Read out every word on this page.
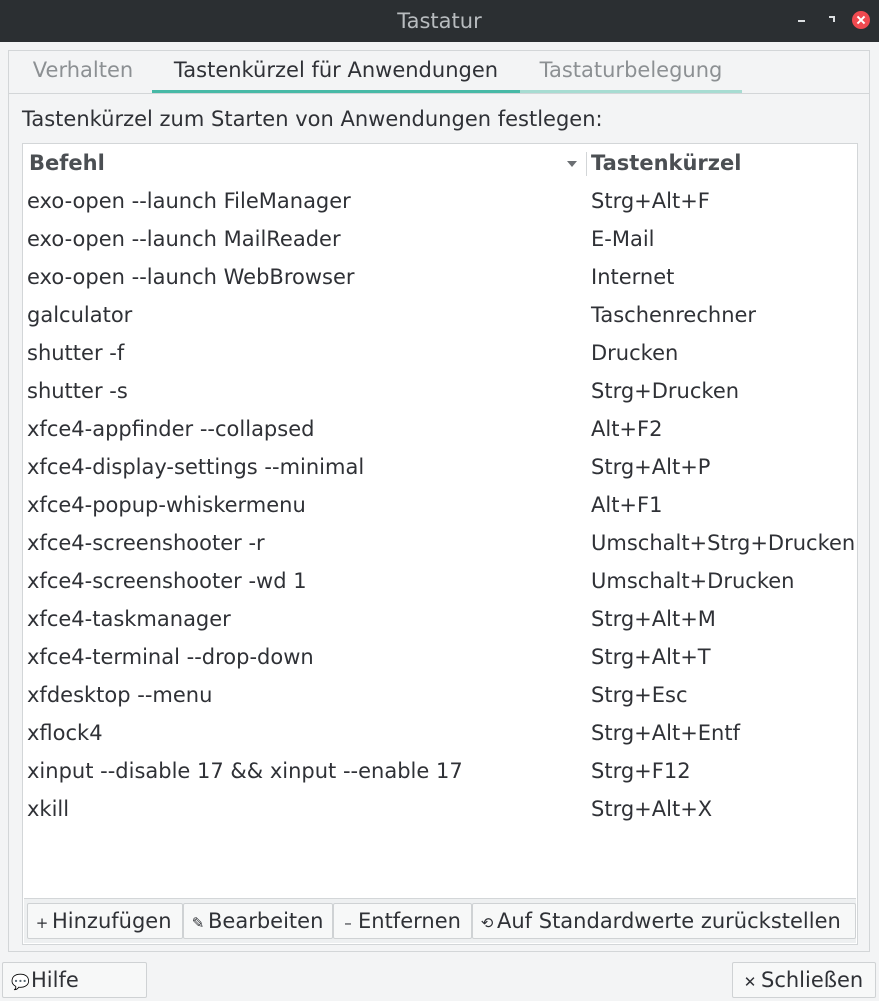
Tastatur
Verhalten	Tastenkürzel für Anwendungen	Tastaturbelegung
Tastenkürzel zum Starten von Anwendungen festlegen:
Befehl	Tastenkürzel
exo-open --launch FileManager	Strg+Alt+F
exo-open --launch MailReader	E-Mail
exo-open --launch WebBrowser	Internet
galculator	Taschenrechner
shutter -f	Drucken
shutter -s	Strg+Drucken
xfce4-appfinder --collapsed	Alt+F2
xfce4-display-settings --minimal	Strg+Alt+P
xfce4-popup-whiskermenu	Alt+F1
xfce4-screenshooter -r	Umschalt+Strg+Drucken
xfce4-screenshooter -wd 1	Umschalt+Drucken
xfce4-taskmanager	Strg+Alt+M
xfce4-terminal --drop-down	Strg+Alt+T
xfdesktop --menu	Strg+Esc
xflock4	Strg+Alt+Entf
xinput --disable 17 && xinput --enable 17	Strg+F12
xkill	Strg+Alt+X
+ Hinzufügen	✎ Bearbeiten	– Entfernen	⟲ Auf Standardwerte zurückstellen
💬Hilfe	✕ Schließen
